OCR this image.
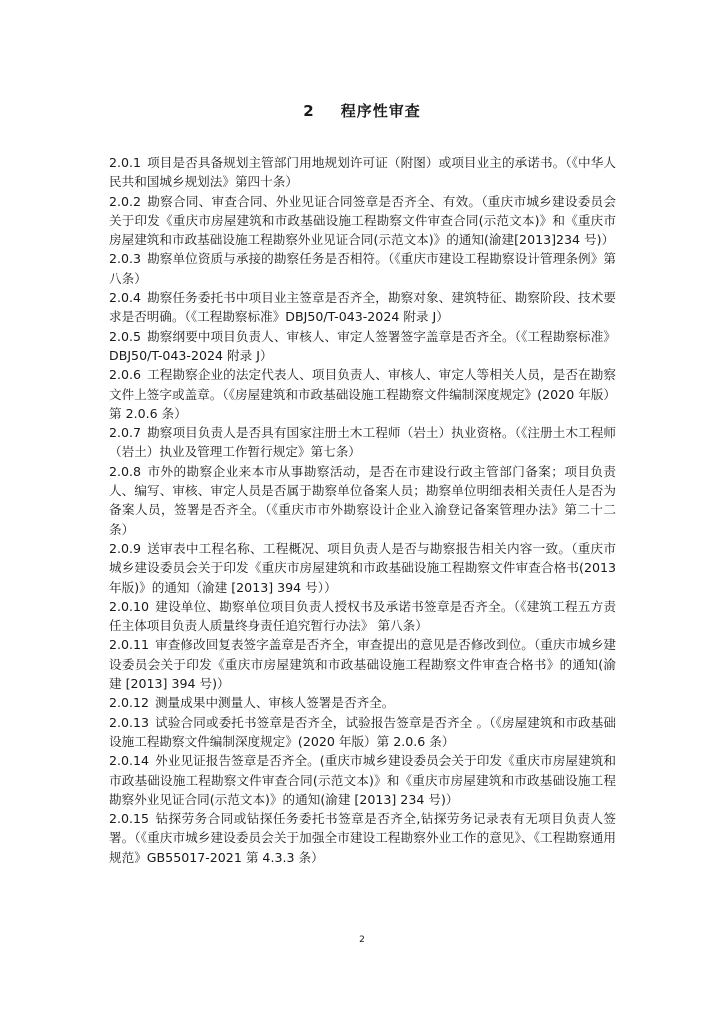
2 程序性审查

2.0.1 项目是否具备规划主管部门用地规划许可证（附图）或项目业主的承诺书。（《中华人民共和国城乡规划法》第四十条）

2.0.2 勘察合同、审查合同、外业见证合同签章是否齐全、有效。（重庆市城乡建设委员会关于印发《重庆市房屋建筑和市政基础设施工程勘察文件审查合同(示范文本)》和《重庆市房屋建筑和市政基础设施工程勘察外业见证合同(示范文本)》的通知(渝建[2013]234 号)）

2.0.3 勘察单位资质与承接的勘察任务是否相符。（《重庆市建设工程勘察设计管理条例》第八条）

2.0.4 勘察任务委托书中项目业主签章是否齐全，勘察对象、建筑特征、勘察阶段、技术要求是否明确。（《工程勘察标准》DBJ50/T-043-2024 附录 J）

2.0.5 勘察纲要中项目负责人、审核人、审定人签署签字盖章是否齐全。（《工程勘察标准》DBJ50/T-043-2024 附录 J）

2.0.6 工程勘察企业的法定代表人、项目负责人、审核人、审定人等相关人员，是否在勘察文件上签字或盖章。（《房屋建筑和市政基础设施工程勘察文件编制深度规定》(2020 年版）第 2.0.6 条）

2.0.7 勘察项目负责人是否具有国家注册土木工程师（岩土）执业资格。（《注册土木工程师（岩土）执业及管理工作暂行规定》第七条）

2.0.8 市外的勘察企业来本市从事勘察活动，是否在市建设行政主管部门备案；项目负责人、编写、审核、审定人员是否属于勘察单位备案人员；勘察单位明细表相关责任人是否为备案人员，签署是否齐全。（《重庆市市外勘察设计企业入渝登记备案管理办法》第二十二条）

2.0.9 送审表中工程名称、工程概况、项目负责人是否与勘察报告相关内容一致。（重庆市城乡建设委员会关于印发《重庆市房屋建筑和市政基础设施工程勘察文件审查合格书(2013 年版)》的通知（渝建 [2013] 394 号））

2.0.10 建设单位、勘察单位项目负责人授权书及承诺书签章是否齐全。（《建筑工程五方责任主体项目负责人质量终身责任追究暂行办法》 第八条）

2.0.11 审查修改回复表签字盖章是否齐全，审查提出的意见是否修改到位。（重庆市城乡建设委员会关于印发《重庆市房屋建筑和市政基础设施工程勘察文件审查合格书》的通知(渝建 [2013] 394 号)）

2.0.12 测量成果中测量人、审核人签署是否齐全。

2.0.13 试验合同或委托书签章是否齐全，试验报告签章是否齐全 。（《房屋建筑和市政基础设施工程勘察文件编制深度规定》(2020 年版）第 2.0.6 条）

2.0.14 外业见证报告签章是否齐全。(重庆市城乡建设委员会关于印发《重庆市房屋建筑和市政基础设施工程勘察文件审查合同(示范文本)》和《重庆市房屋建筑和市政基础设施工程勘察外业见证合同(示范文本)》的通知(渝建 [2013] 234 号)）

2.0.15 钻探劳务合同或钻探任务委托书签章是否齐全,钻探劳务记录表有无项目负责人签署。（《重庆市城乡建设委员会关于加强全市建设工程勘察外业工作的意见》、《工程勘察通用规范》GB55017-2021 第 4.3.3 条）

2
